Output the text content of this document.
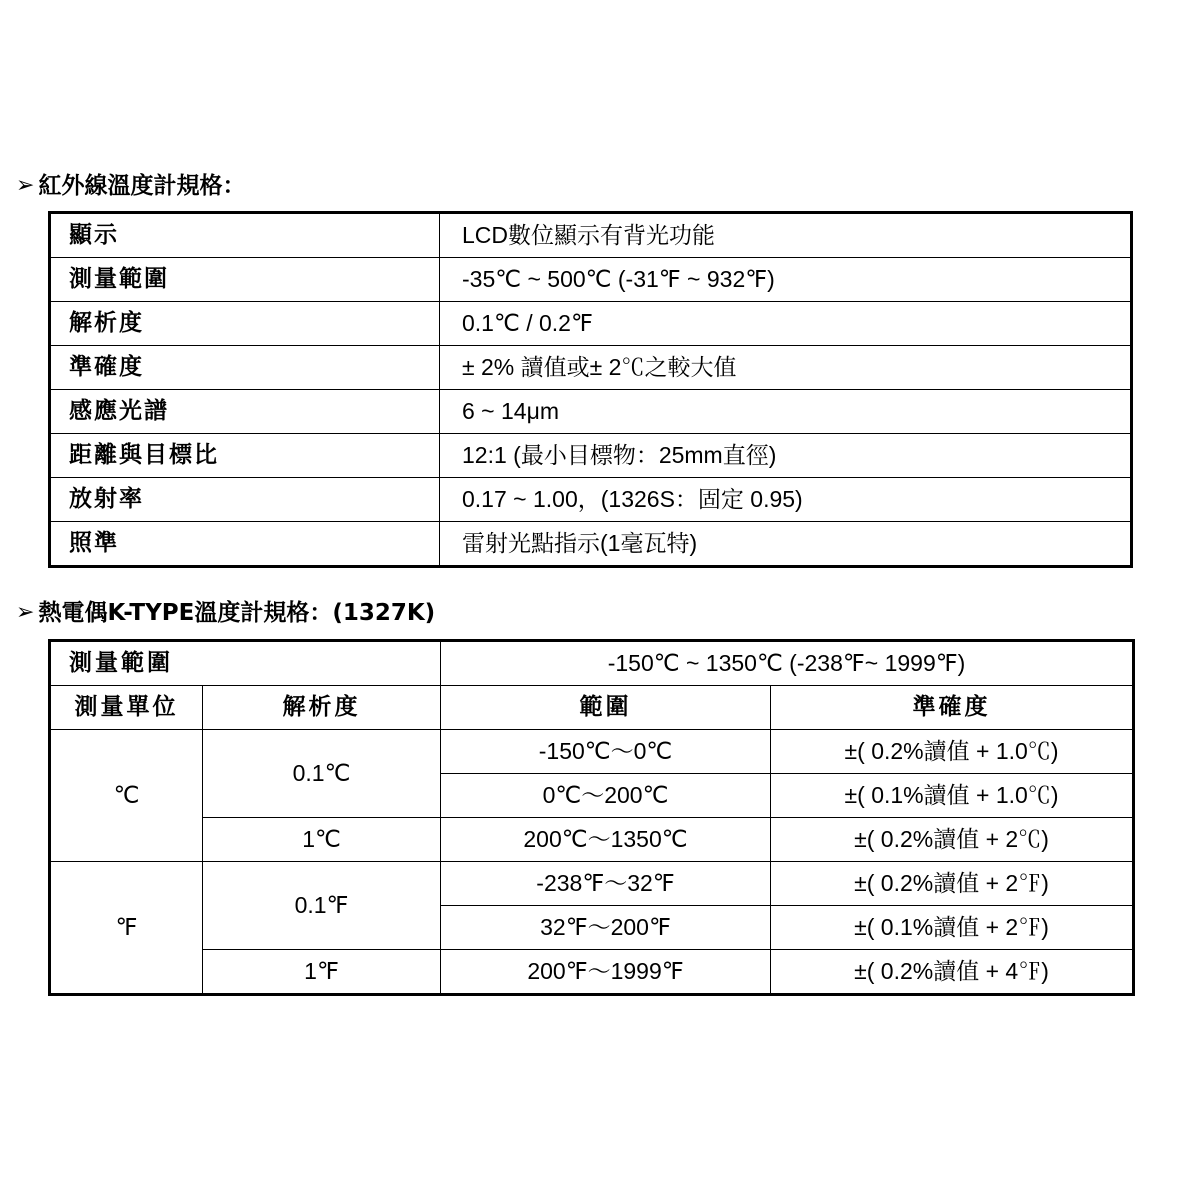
➢ 紅外線溫度計規格：
顯示	LCD數位顯示有背光功能
測量範圍	-35℃ ~ 500℃ (-31℉ ~ 932℉)
解析度	0.1℃ / 0.2℉
準確度	± 2% 讀值或± 2℃之較大值
感應光譜	6 ~ 14μm
距離與目標比	12:1 (最小目標物：25mm直徑)
放射率	0.17 ~ 1.00，(1326S：固定 0.95)
照準	雷射光點指示(1毫瓦特)
➢ 熱電偶K-TYPE溫度計規格：(1327K)
測量範圍		-150℃ ~ 1350℃ (-238℉~ 1999℉)	
測量單位	解析度	範圍	準確度
℃	0.1℃	-150℃～0℃	±( 0.2%讀值 + 1.0℃)
		0℃～200℃	±( 0.1%讀值 + 1.0℃)
	1℃	200℃～1350℃	±( 0.2%讀值 + 2℃)
℉	0.1℉	-238℉～32℉	±( 0.2%讀值 + 2℉)
		32℉～200℉	±( 0.1%讀值 + 2℉)
	1℉	200℉～1999℉	±( 0.2%讀值 + 4℉)
